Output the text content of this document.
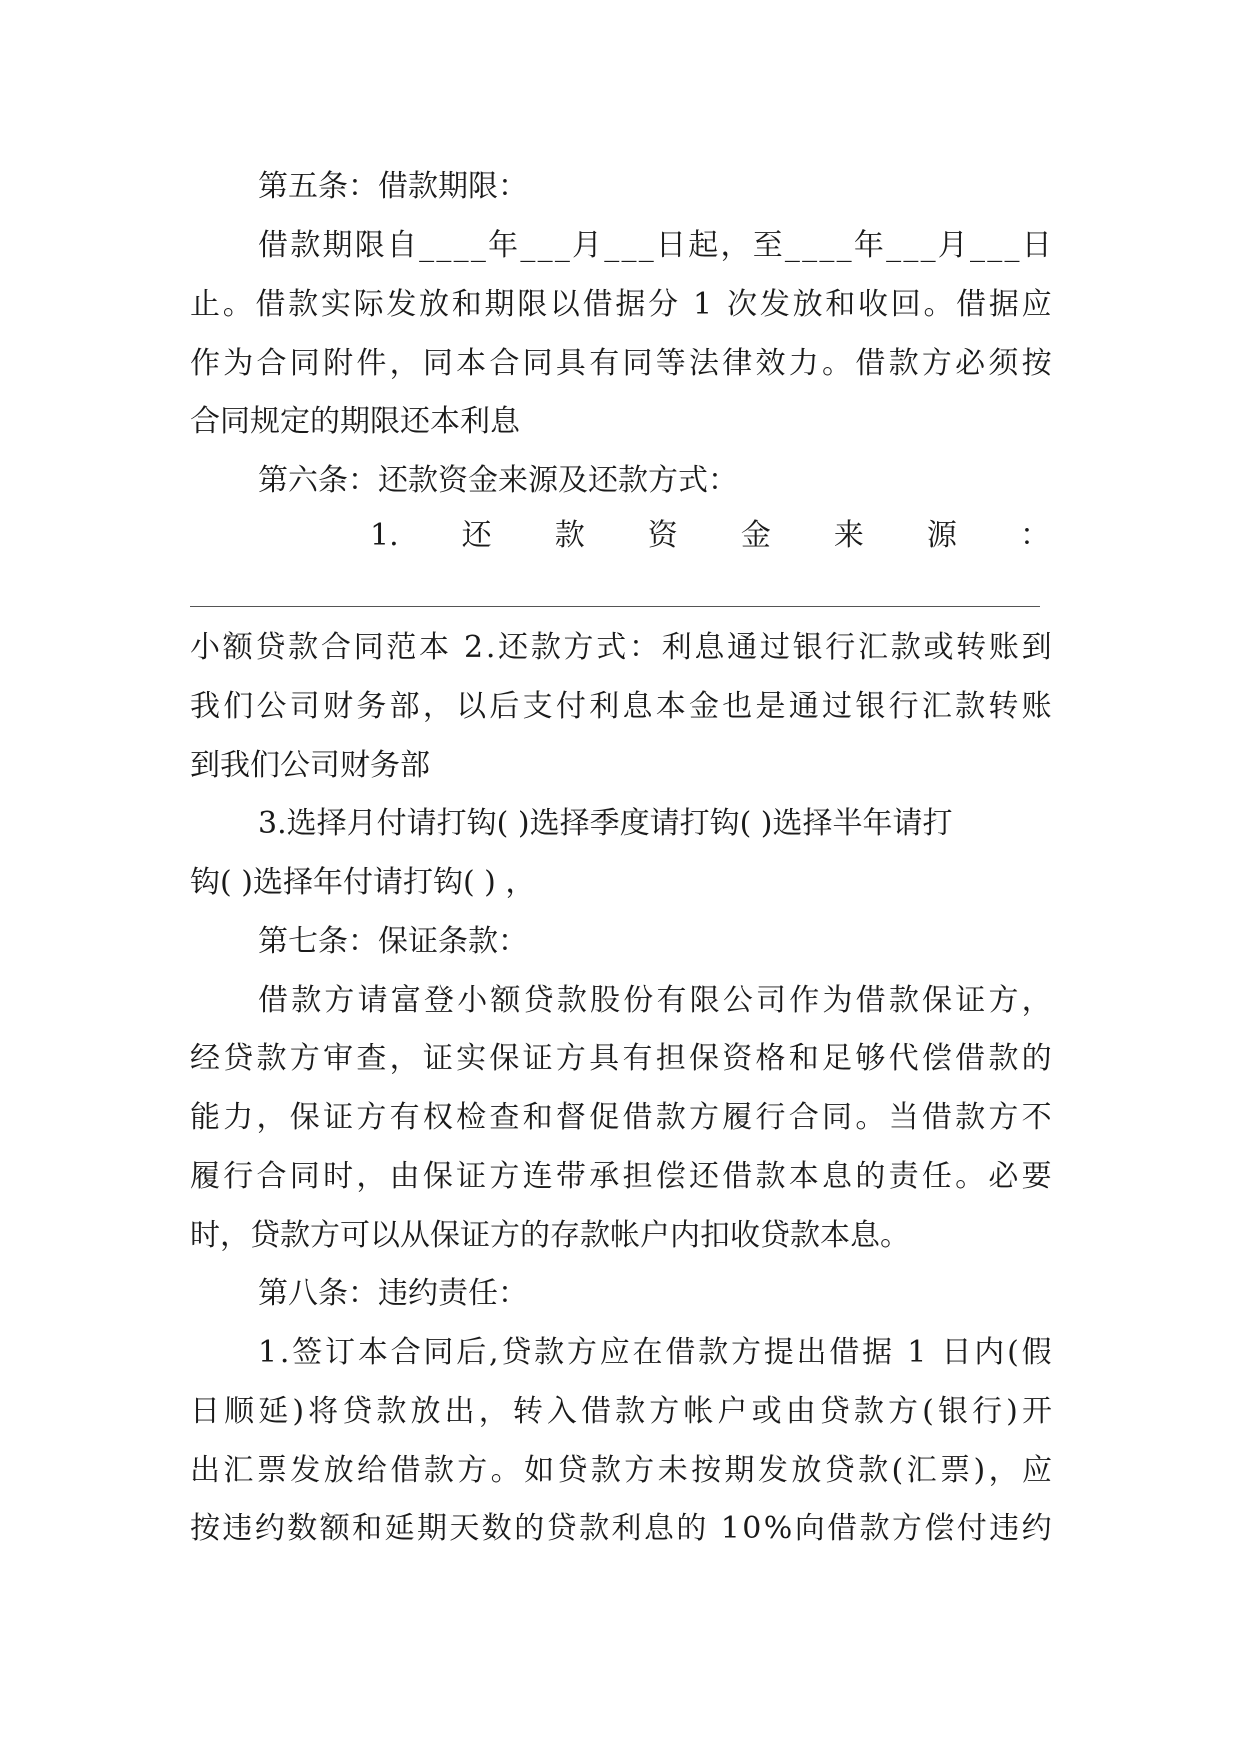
第五条：借款期限：
借 款 期 限 自 _ _ _ _ 年 _ _ _ 月 _ _ _ 日 起 ， 至 _ _ _ _ 年 _ _ _ 月 _ _ _ 日
止 。 借 款 实 际 发 放 和 期 限 以 借 据 分
1
次 发 放 和 收 回 。 借 据 应
作 为 合 同 附 件 ， 同 本 合 同 具 有 同 等 法 律 效 力 。 借 款 方 必 须 按
合同规定的期限还本利息
第六条：还款资金来源及还款方式：
1. 还 款 资 金 来 源 ：
小 额 贷 款 合 同 范 本
2 . 还 款 方 式 ： 利 息 通 过 银 行 汇 款 或 转 账 到
我 们 公 司 财 务 部 ， 以 后 支 付 利 息 本 金 也 是 通 过 银 行 汇 款 转 账
到我们公司财务部
3.选择月付请打钩( )选择季度请打钩( )选择半年请打
钩( )选择年付请打钩( ) ，
第七条：保证条款：
借 款 方 请 富 登 小 额 贷 款 股 份 有 限 公 司 作 为 借 款 保 证 方 ，
经 贷 款 方 审 查 ， 证 实 保 证 方 具 有 担 保 资 格 和 足 够 代 偿 借 款 的
能 力 ， 保 证 方 有 权 检 查 和 督 促 借 款 方 履 行 合 同 。 当 借 款 方 不
履 行 合 同 时 ， 由 保 证 方 连 带 承 担 偿 还 借 款 本 息 的 责 任 。 必 要
时，贷款方可以从保证方的存款帐户内扣收贷款本息。
第八条：违约责任：
1 . 签 订 本 合 同 后 , 贷 款 方 应 在 借 款 方 提 出 借 据
1
日 内 ( 假
日 顺 延 ) 将 贷 款 放 出 ， 转 入 借 款 方 帐 户 或 由 贷 款 方 ( 银 行 ) 开
出 汇 票 发 放 给 借 款 方 。 如 贷 款 方 未 按 期 发 放 贷 款 ( 汇 票 ) ， 应
按 违 约 数 额 和 延 期 天 数 的 贷 款 利 息 的
1 0 % 向 借 款 方 偿 付 违 约
